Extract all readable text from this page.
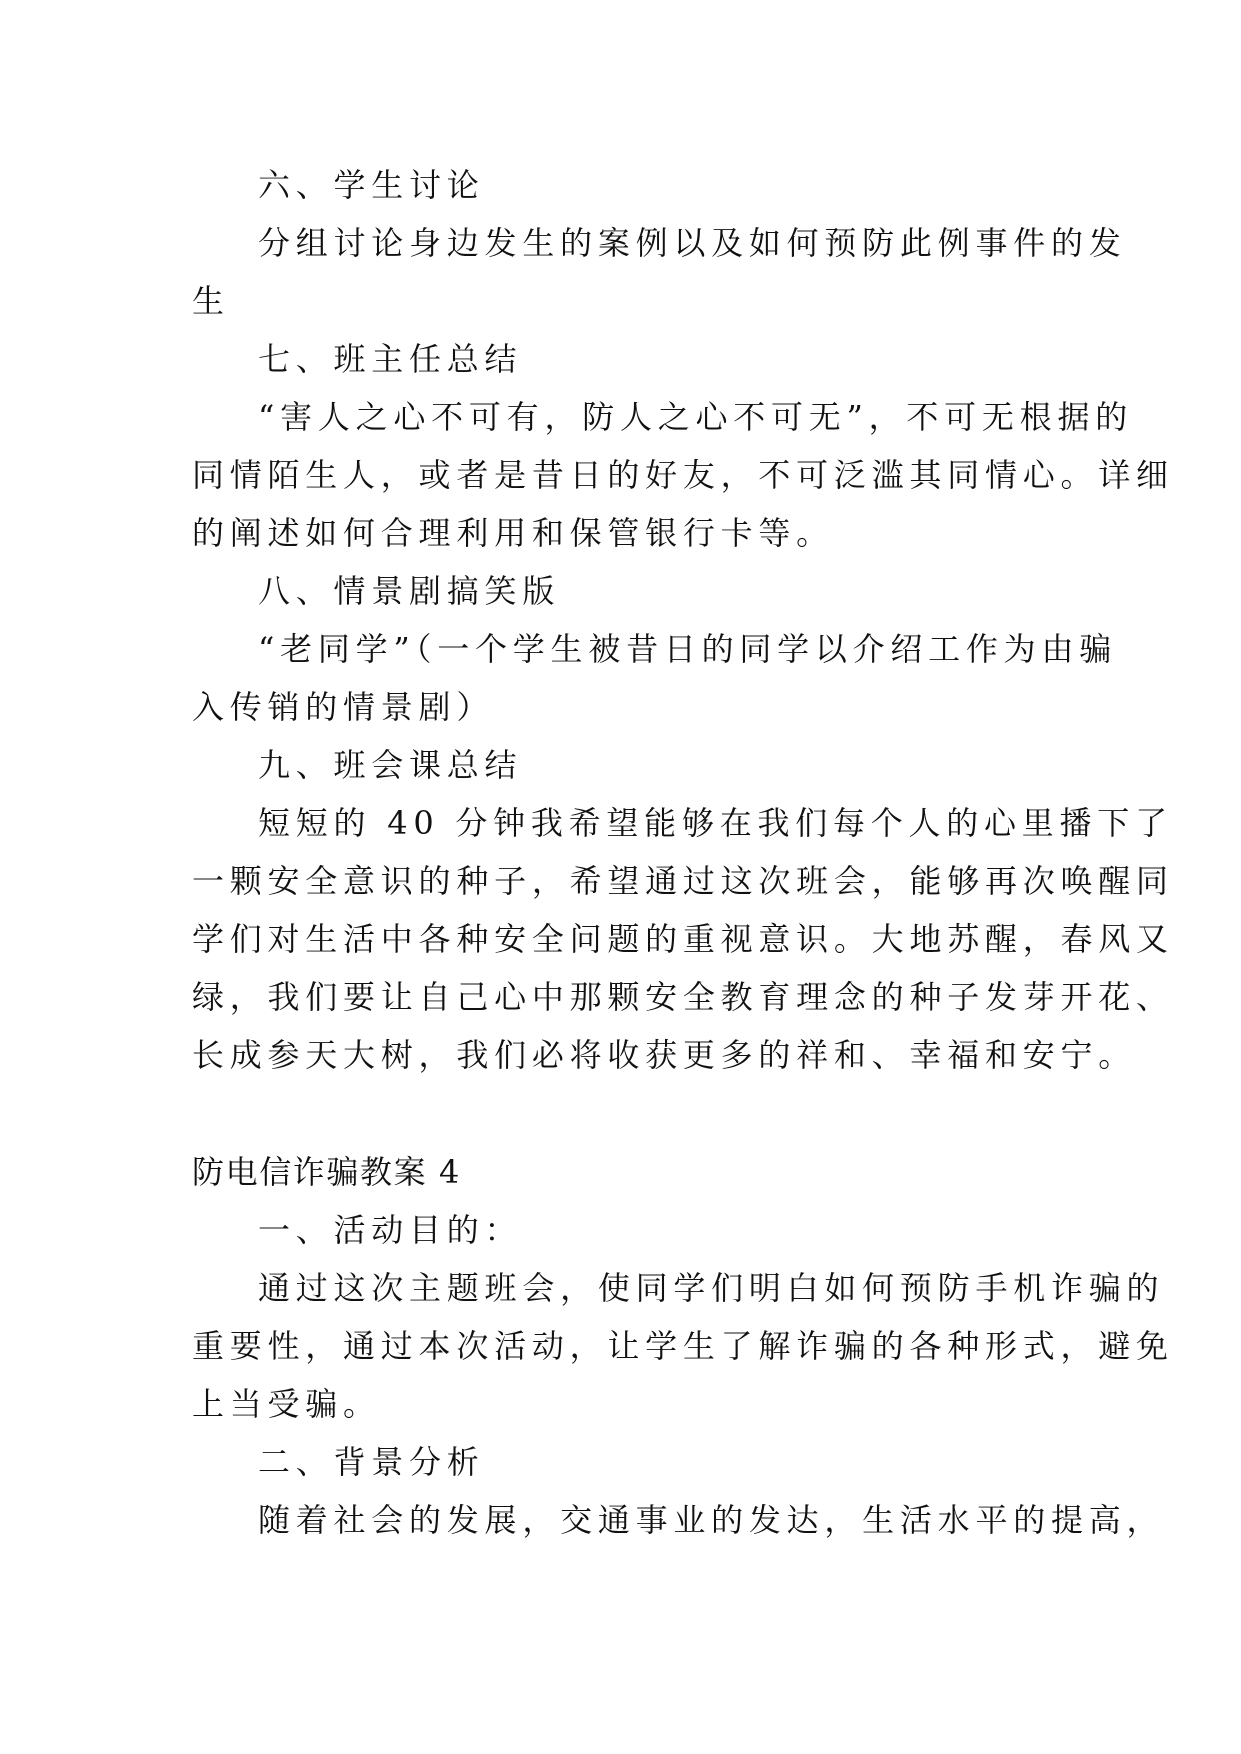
六、学生讨论
分组讨论身边发生的案例以及如何预防此例事件的发
生
七、班主任总结
“害人之心不可有，防人之心不可无”，不可无根据的
同情陌生人，或者是昔日的好友，不可泛滥其同情心。详细
的阐述如何合理利用和保管银行卡等。
八、情景剧搞笑版
“老同学”（一个学生被昔日的同学以介绍工作为由骗
入传销的情景剧）
九、班会课总结
短短的 40 分钟我希望能够在我们每个人的心里播下了
一颗安全意识的种子，希望通过这次班会，能够再次唤醒同
学们对生活中各种安全问题的重视意识。大地苏醒，春风又
绿，我们要让自己心中那颗安全教育理念的种子发芽开花、
长成参天大树，我们必将收获更多的祥和、幸福和安宁。
防电信诈骗教案 4
一、活动目的：
通过这次主题班会，使同学们明白如何预防手机诈骗的
重要性，通过本次活动，让学生了解诈骗的各种形式，避免
上当受骗。
二、背景分析
随着社会的发展，交通事业的发达，生活水平的提高，
